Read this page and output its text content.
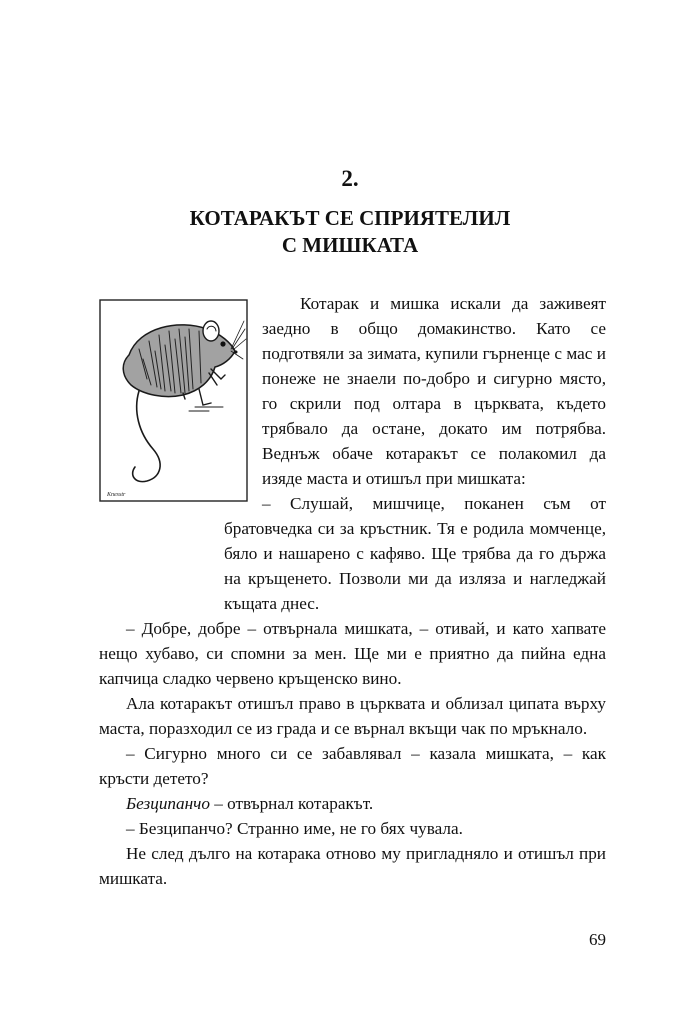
2.
КОТАРАКЪТ СЕ СПРИЯТЕЛИЛ
С МИШКАТА
Knesstr

Котарак и мишка искали да заживеят заедно в общо домакинство. Като се подготвяли за зимата, купили гърненце с мас и понеже не знаели по-добро и сигурно място, го скрили под олтара в църквата, където трябвало да остане, докато им потрябва. Веднъж обаче котаракът се полакомил да изяде маста и отишъл при мишката:

– Слушай, мишчице, поканен съм от братовчедка си за кръстник. Тя е родила момченце, бяло и нашарено с кафяво. Ще трябва да го държа на кръщенето. Позволи ми да изляза и нагледжай къщата днес.

– Добре, добре – отвърнала мишката, – отивай, и като хапвате нещо хубаво, си спомни за мен. Ще ми е приятно да пийна една капчица сладко червено кръщенско вино.

Ала котаракът отишъл право в църквата и облизал ципата върху маста, поразходил се из града и се върнал вкъщи чак по мръкнало.

– Сигурно много си се забавлявал – казала мишката, – как кръсти детето?

Безципанчо – отвърнал котаракът.

– Безципанчо? Странно име, не го бях чувала.

Не след дълго на котарака отново му пригладняло и отишъл при мишката.

69
